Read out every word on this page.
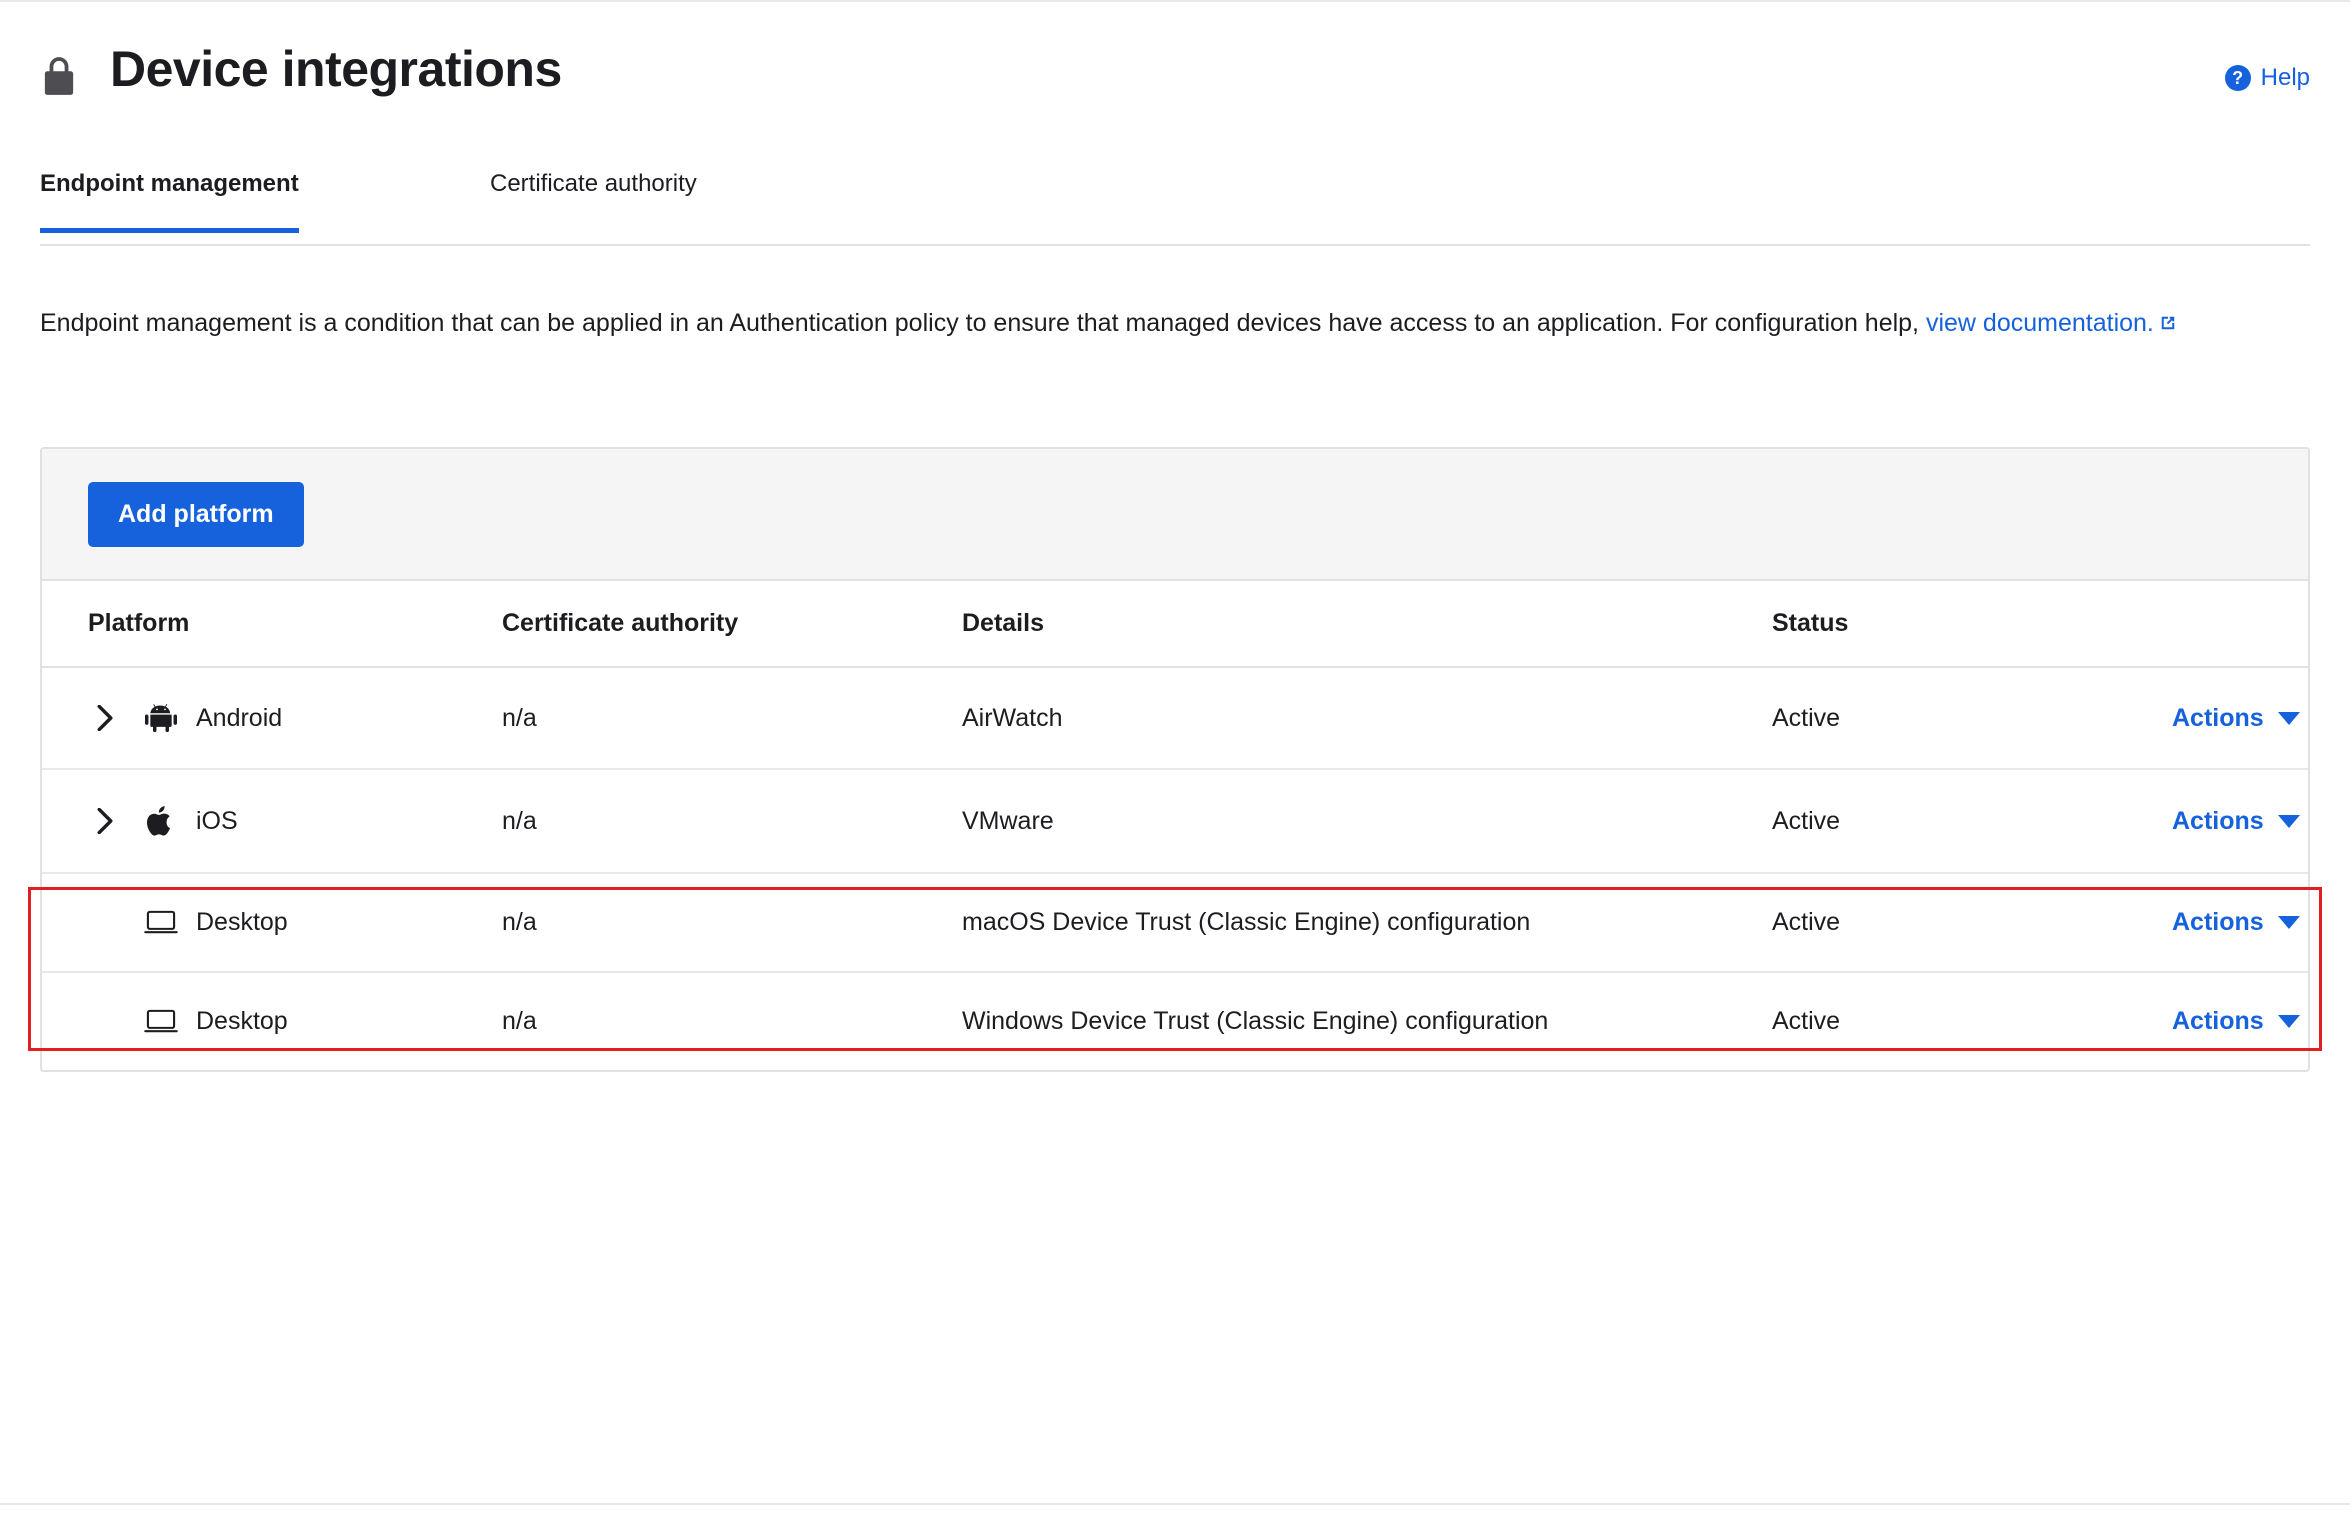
Device integrations	? Help
Endpoint management	Certificate authority
Endpoint management is a condition that can be applied in an Authentication policy to ensure that managed devices have access to an application. For configuration help, view documentation.
Add platform
Platform	Certificate authority	Details	Status	

Android	n/a	AirWatch	Active	Actions

iOS	n/a	VMware	Active	Actions

Desktop	n/a	macOS Device Trust (Classic Engine) configuration	Active	Actions

Desktop	n/a	Windows Device Trust (Classic Engine) configuration	Active	Actions
